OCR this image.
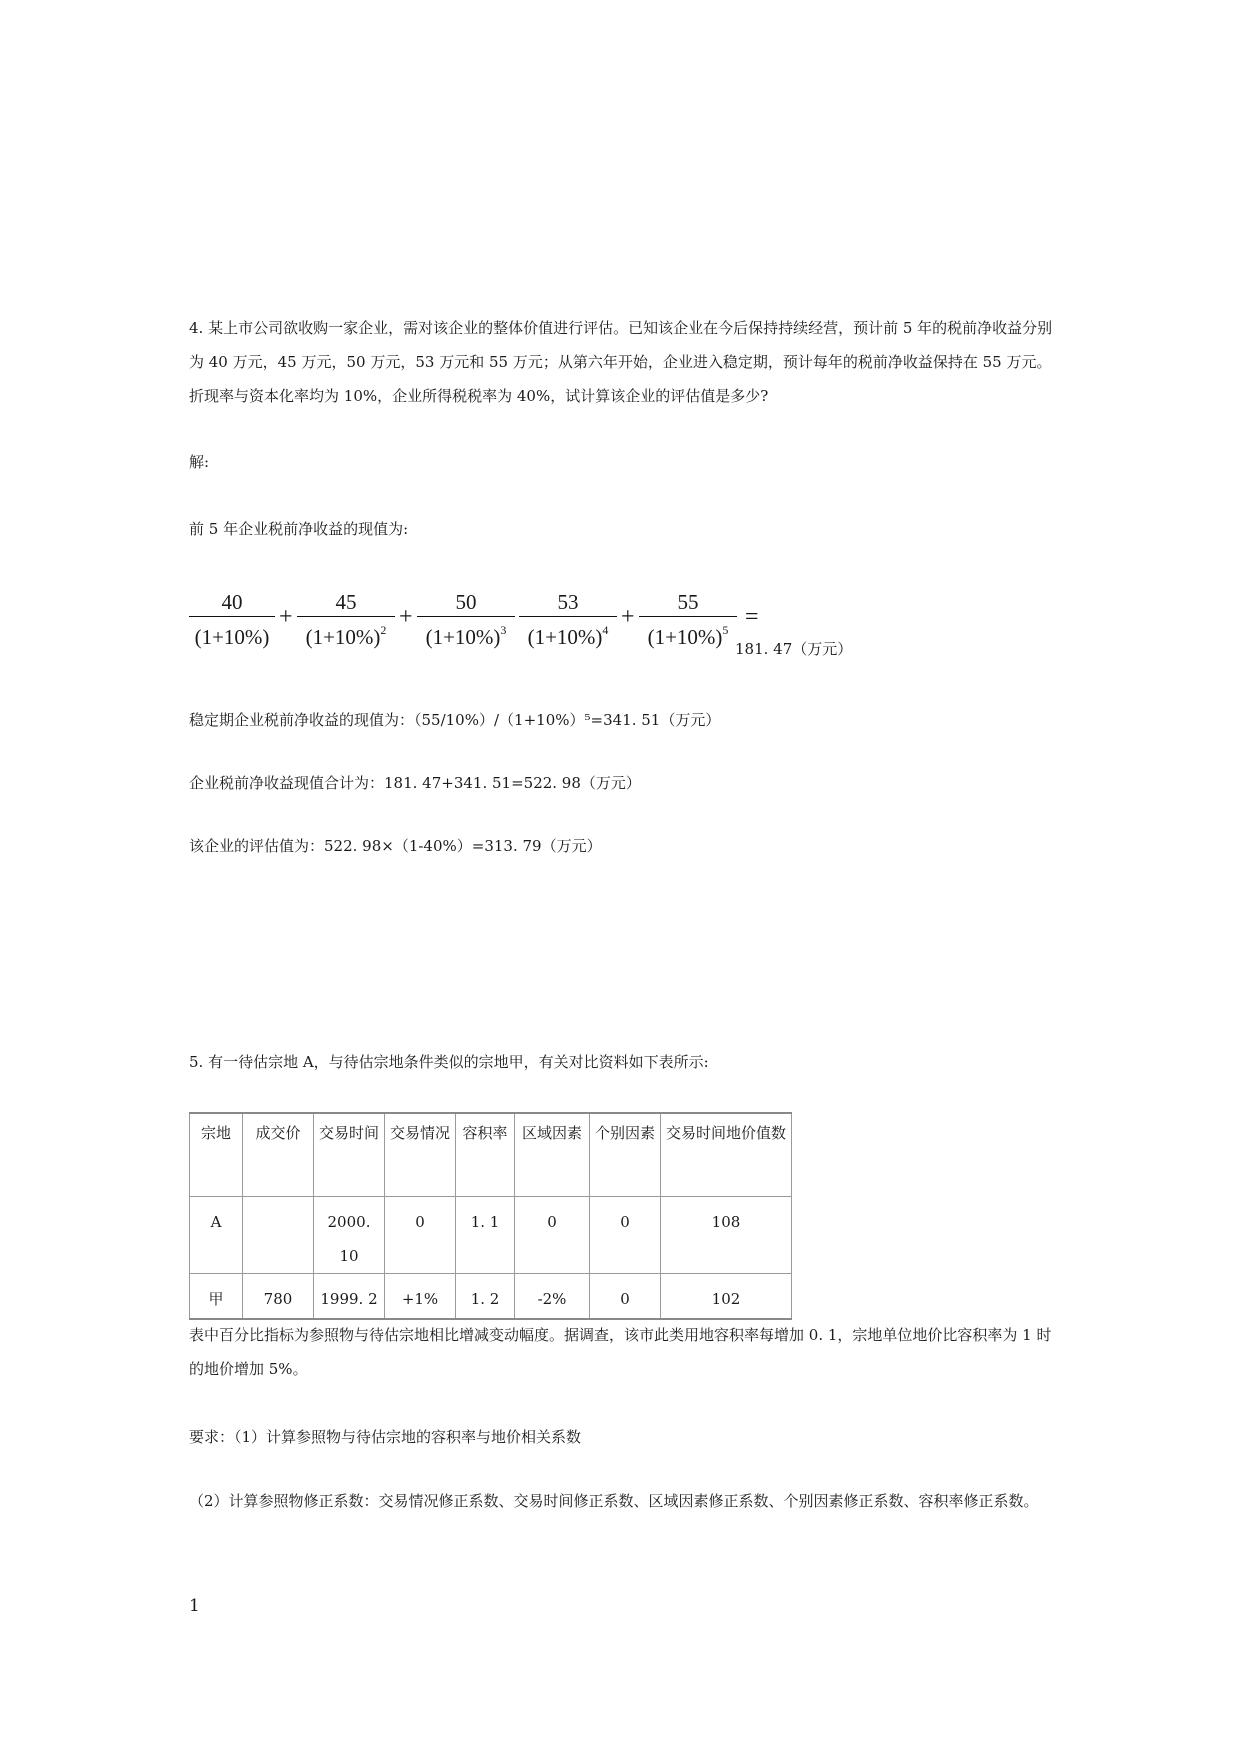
4. 某上市公司欲收购一家企业，需对该企业的整体价值进行评估。已知该企业在今后保持持续经营，预计前 5 年的税前净收益分别为 40 万元，45 万元，50 万元，53 万元和 55 万元；从第六年开始，企业进入稳定期，预计每年的税前净收益保持在 55 万元。折现率与资本化率均为 10%，企业所得税税率为 40%，试计算该企业的评估值是多少?

解:

前 5 年企业税前净收益的现值为:

40
(1+10%)
+
45
$(1+10\%)^2$ +
50
$(1+10\%)^3$
53
$(1+10\%)^4$ +
55
$(1+10\%)^5$ =
181. 47（万元）

稳定期企业税前净收益的现值为：（55/10%）/（1+10%）⁵=341. 51（万元）

企业税前净收益现值合计为：181. 47+341. 51=522. 98（万元）

该企业的评估值为：522. 98×（1-40%）=313. 79（万元）

5. 有一待估宗地 A，与待估宗地条件类似的宗地甲，有关对比资料如下表所示:

宗地	成交价	交易时间	交易情况	容积率	区域因素	个别因素	交易时间地价值数
A		2000. 10	0	1. 1	0	0	108
甲	780	1999. 2	+1%	1. 2	-2%	0	102

表中百分比指标为参照物与待估宗地相比增减变动幅度。据调查，该市此类用地容积率每增加 0. 1，宗地单位地价比容积率为 1 时的地价增加 5%。

要求：（1）计算参照物与待估宗地的容积率与地价相关系数

（2）计算参照物修正系数：交易情况修正系数、交易时间修正系数、区域因素修正系数、个别因素修正系数、容积率修正系数。

1
